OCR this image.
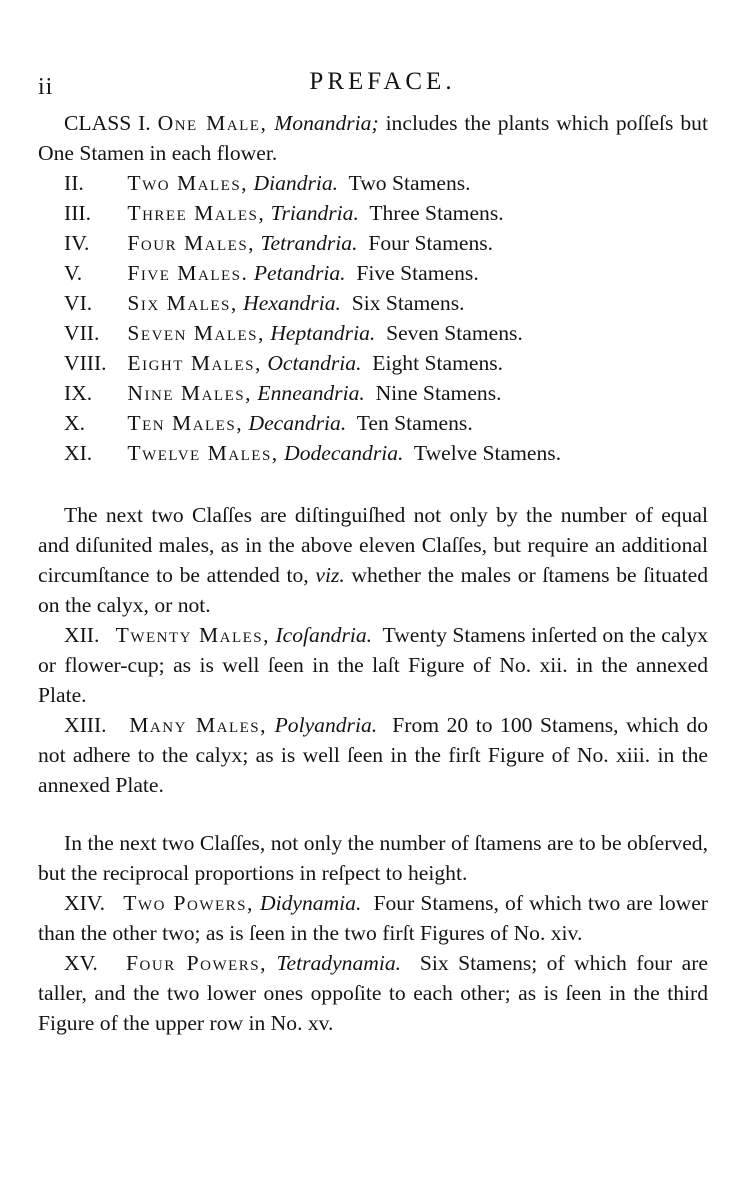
ii	PREFACE.

CLASS I. One Male, Monandria; includes the plants which poſſeſs but One Stamen in each flower.

II. Two Males, Diandria. Two Stamens.
III. Three Males, Triandria. Three Stamens.
IV. Four Males, Tetrandria. Four Stamens.
V. Five Males. Petandria. Five Stamens.
VI. Six Males, Hexandria. Six Stamens.
VII. Seven Males, Heptandria. Seven Stamens.
VIII. Eight Males, Octandria. Eight Stamens.
IX. Nine Males, Enneandria. Nine Stamens.
X. Ten Males, Decandria. Ten Stamens.
XI. Twelve Males, Dodecandria. Twelve Stamens.

The next two Claſſes are diſtinguiſhed not only by the number of equal and diſunited males, as in the above eleven Claſſes, but require an additional circumſtance to be attended to, viz. whether the males or ſtamens be ſituated on the calyx, or not.

XII. Twenty Males, Icoſandria. Twenty Stamens inſerted on the calyx or flower-cup; as is well ſeen in the laſt Figure of No. xii. in the annexed Plate.

XIII. Many Males, Polyandria. From 20 to 100 Stamens, which do not adhere to the calyx; as is well ſeen in the firſt Figure of No. xiii. in the annexed Plate.

In the next two Claſſes, not only the number of ſtamens are to be obſerved, but the reciprocal proportions in reſpect to height.

XIV. Two Powers, Didynamia. Four Stamens, of which two are lower than the other two; as is ſeen in the two firſt Figures of No. xiv.

XV. Four Powers, Tetradynamia. Six Stamens; of which four are taller, and the two lower ones oppoſite to each other; as is ſeen in the third Figure of the upper row in No. xv.
